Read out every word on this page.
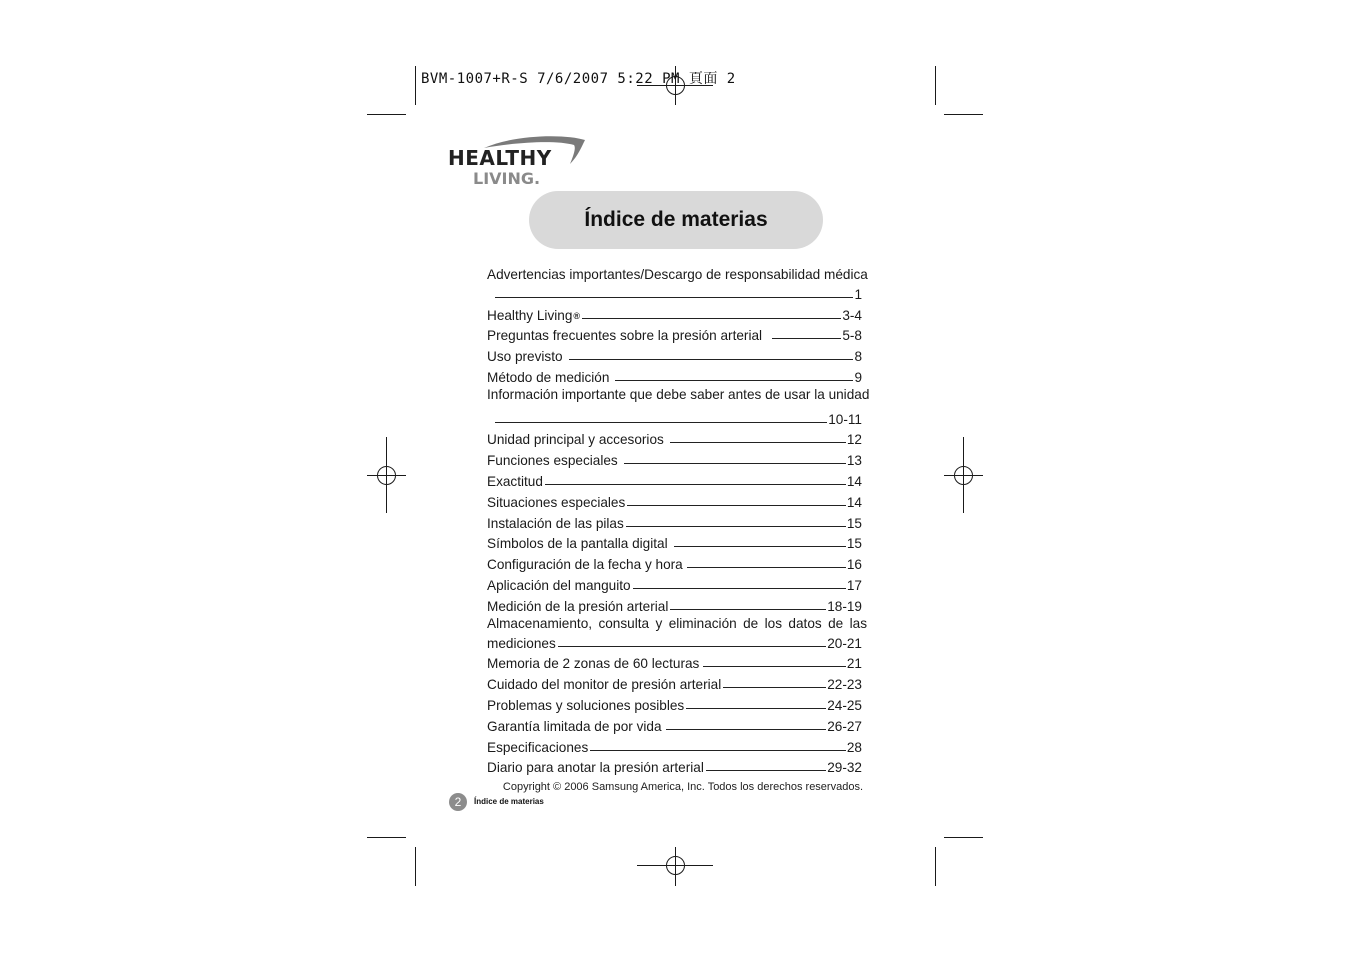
BVM-1007+R-S 7/6/2007 5:22 PM 頁面 2
HEALTHY
LIVING.
Índice de materias
Advertencias importantes/Descargo de responsabilidad médica
1
Healthy Living ®	3-4
Preguntas frecuentes sobre la presión arterial	5-8
Uso previsto	8
Método de medición	9
Información importante que debe saber antes de usar la unidad
10-11
Unidad principal y accesorios	12
Funciones especiales	13
Exactitud	14
Situaciones especiales	14
Instalación de las pilas	15
Símbolos de la pantalla digital	15
Configuración de la fecha y hora	16
Aplicación del manguito	17
Medición de la presión arterial	18-19
Almacenamiento, consulta y eliminación de los datos de las
mediciones	20-21
Memoria de 2 zonas de 60 lecturas	21
Cuidado del monitor de presión arterial	22-23
Problemas y soluciones posibles	24-25
Garantía limitada de por vida	26-27
Especificaciones	28
Diario para anotar la presión arterial	29-32
Copyright © 2006 Samsung America, Inc. Todos los derechos reservados.
2	Índice de materias
